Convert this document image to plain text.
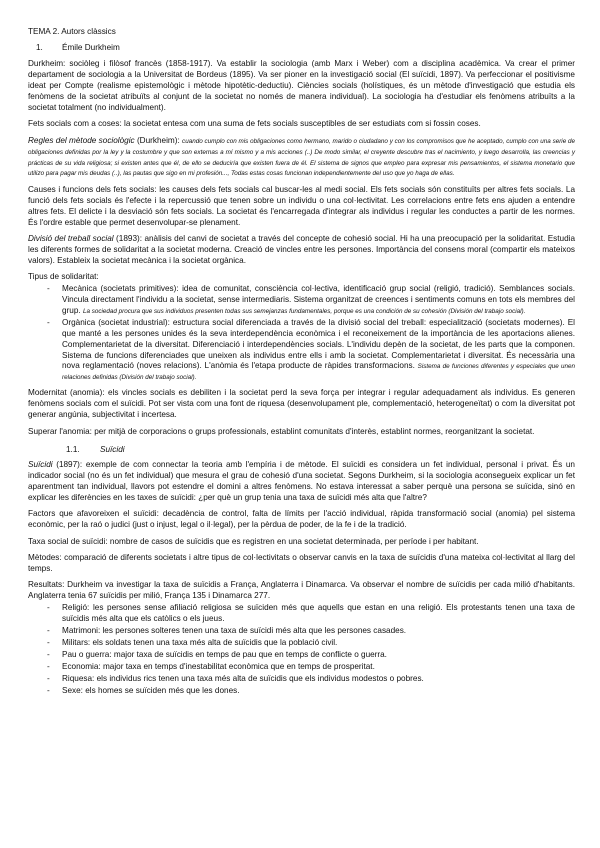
TEMA 2. Autors clàssics

1.	Émile Durkheim

Durkheim: sociòleg i filòsof francès (1858-1917). Va establir la sociologia (amb Marx i Weber) com a disciplina acadèmica. Va crear el primer departament de sociologia a la Universitat de Bordeus (1895). Va ser pioner en la investigació social (El suïcidi, 1897). Va perfeccionar el positivisme ideat per Compte (realisme epistemològic i mètode hipotètic-deductiu). Ciències socials (holístiques, és un mètode d'investigació que estudia els fenòmens de la societat atribuïts al conjunt de la societat no només de manera individual). La sociologia ha d'estudiar els fenòmens atribuïts a la societat totalment (no individualment).

Fets socials com a coses: la societat entesa com una suma de fets socials susceptibles de ser estudiats com si fossin coses.

Regles del mètode sociològic (Durkheim): cuando cumplo con mis obligaciones como hermano, marido o ciudadano y con los compromisos que he aceptado, cumplo con una serie de obligaciones definidas por la ley y la costumbre y que son externas a mí mismo y a mis acciones (..) De modo similar, el creyente descubre tras el nacimiento, y luego desarrolla, las creencias y prácticas de su vida religiosa; si existen antes que él, de ello se deduciría que existen fuera de él. El sistema de signos que empleo para expresar mis pensamientos, el sistema monetario que utilizo para pagar mis deudas (..), las pautas que sigo en mi profesión..., Todas estas cosas funcionan independientemente del uso que yo haga de ellas.

Causes i funcions dels fets socials: les causes dels fets socials cal buscar-les al medi social. Els fets socials són constituïts per altres fets socials. La funció dels fets socials és l'efecte i la repercussió que tenen sobre un individu o una col·lectivitat. Les correlacions entre fets ens ajuden a entendre altres fets. El delicte i la desviació són fets socials. La societat és l'encarregada d'integrar als individus i regular les conductes a partir de les normes. És l'ordre estable que permet desenvolupar-se plenament.

Divisió del treball social (1893): anàlisis del canvi de societat a través del concepte de cohesió social. Hi ha una preocupació per la solidaritat. Estudia les diferents formes de solidaritat a la societat moderna. Creació de vincles entre les persones. Importància del consens moral (compartir els mateixos valors). Estableix la societat mecànica i la societat orgànica.

Tipus de solidaritat:

- Mecànica (societats primitives): idea de comunitat, consciència col·lectiva, identificació grup social (religió, tradició). Semblances socials. Vincula directament l'individu a la societat, sense intermediaris. Sistema organitzat de creences i sentiments comuns en tots els membres del grup. La sociedad procura que sus individuos presenten todas sus semejanzas fundamentales, porque es una condición de su cohesión (División del trabajo social).
- Orgànica (societat industrial): estructura social diferenciada a través de la divisió social del treball: especialització (societats modernes). El que manté a les persones unides és la seva interdependència econòmica i el reconeixement de la importància de les aportacions alienes. Complementarietat de la diversitat. Diferenciació i interdependències socials. L'individu depèn de la societat, de les parts que la componen. Sistema de funcions diferenciades que uneixen als individus entre ells i amb la societat. Complementarietat i diversitat. És necessària una nova reglamentació (noves relacions). L'anòmia és l'etapa producte de ràpides transformacions. Sistema de funciones diferentes y especiales que unen relaciones definidas (División del trabajo social).

Modernitat (anomia): els vincles socials es debiliten i la societat perd la seva força per integrar i regular adequadament als individus. Es generen fenòmens socials com el suïcidi. Pot ser vista com una font de riquesa (desenvolupament ple, complementació, heterogeneïtat) o com la diversitat pot generar angúnia, subjectivitat i incertesa.

Superar l'anomia: per mitjà de corporacions o grups professionals, establint comunitats d'interès, establint normes, reorganitzant la societat.

1.1.	Suïcidi

Suïcidi (1897): exemple de com connectar la teoria amb l'empíria i de mètode. El suïcidi es considera un fet individual, personal i privat. És un indicador social (no és un fet individual) que mesura el grau de cohesió d'una societat. Segons Durkheim, si la sociologia aconsegueix explicar un fet aparentment tan individual, llavors pot estendre el domini a altres fenòmens. No estava interessat a saber perquè una persona se suïcida, sinó en explicar les diferències en les taxes de suïcidi: ¿per què un grup tenia una taxa de suïcidi més alta que l'altre?

Factors que afavoreixen el suïcidi: decadència de control, falta de límits per l'acció individual, ràpida transformació social (anomia) pel sistema econòmic, per la raó o judici (just o injust, legal o il·legal), per la pèrdua de poder, de la fe i de la tradició.

Taxa social de suïcidi: nombre de casos de suïcidis que es registren en una societat determinada, per període i per habitant.

Mètodes: comparació de diferents societats i altre tipus de col·lectivitats o observar canvis en la taxa de suïcidis d'una mateixa col·lectivitat al llarg del temps.

Resultats: Durkheim va investigar la taxa de suïcidis a França, Anglaterra i Dinamarca. Va observar el nombre de suïcidis per cada milió d'habitants. Anglaterra tenia 67 suïcidis per milió, França 135 i Dinamarca 277.

- Religió: les persones sense afiliació religiosa se suïciden més que aquells que estan en una religió. Els protestants tenen una taxa de suïcidis més alta que els catòlics o els jueus.
- Matrimoni: les persones solteres tenen una taxa de suïcidi més alta que les persones casades.
- Militars: els soldats tenen una taxa més alta de suïcidis que la població civil.
- Pau o guerra: major taxa de suïcidis en temps de pau que en temps de conflicte o guerra.
- Economia: major taxa en temps d'inestabilitat econòmica que en temps de prosperitat.
- Riquesa: els individus rics tenen una taxa més alta de suïcidis que els individus modestos o pobres.
- Sexe: els homes se suïciden més que les dones.
